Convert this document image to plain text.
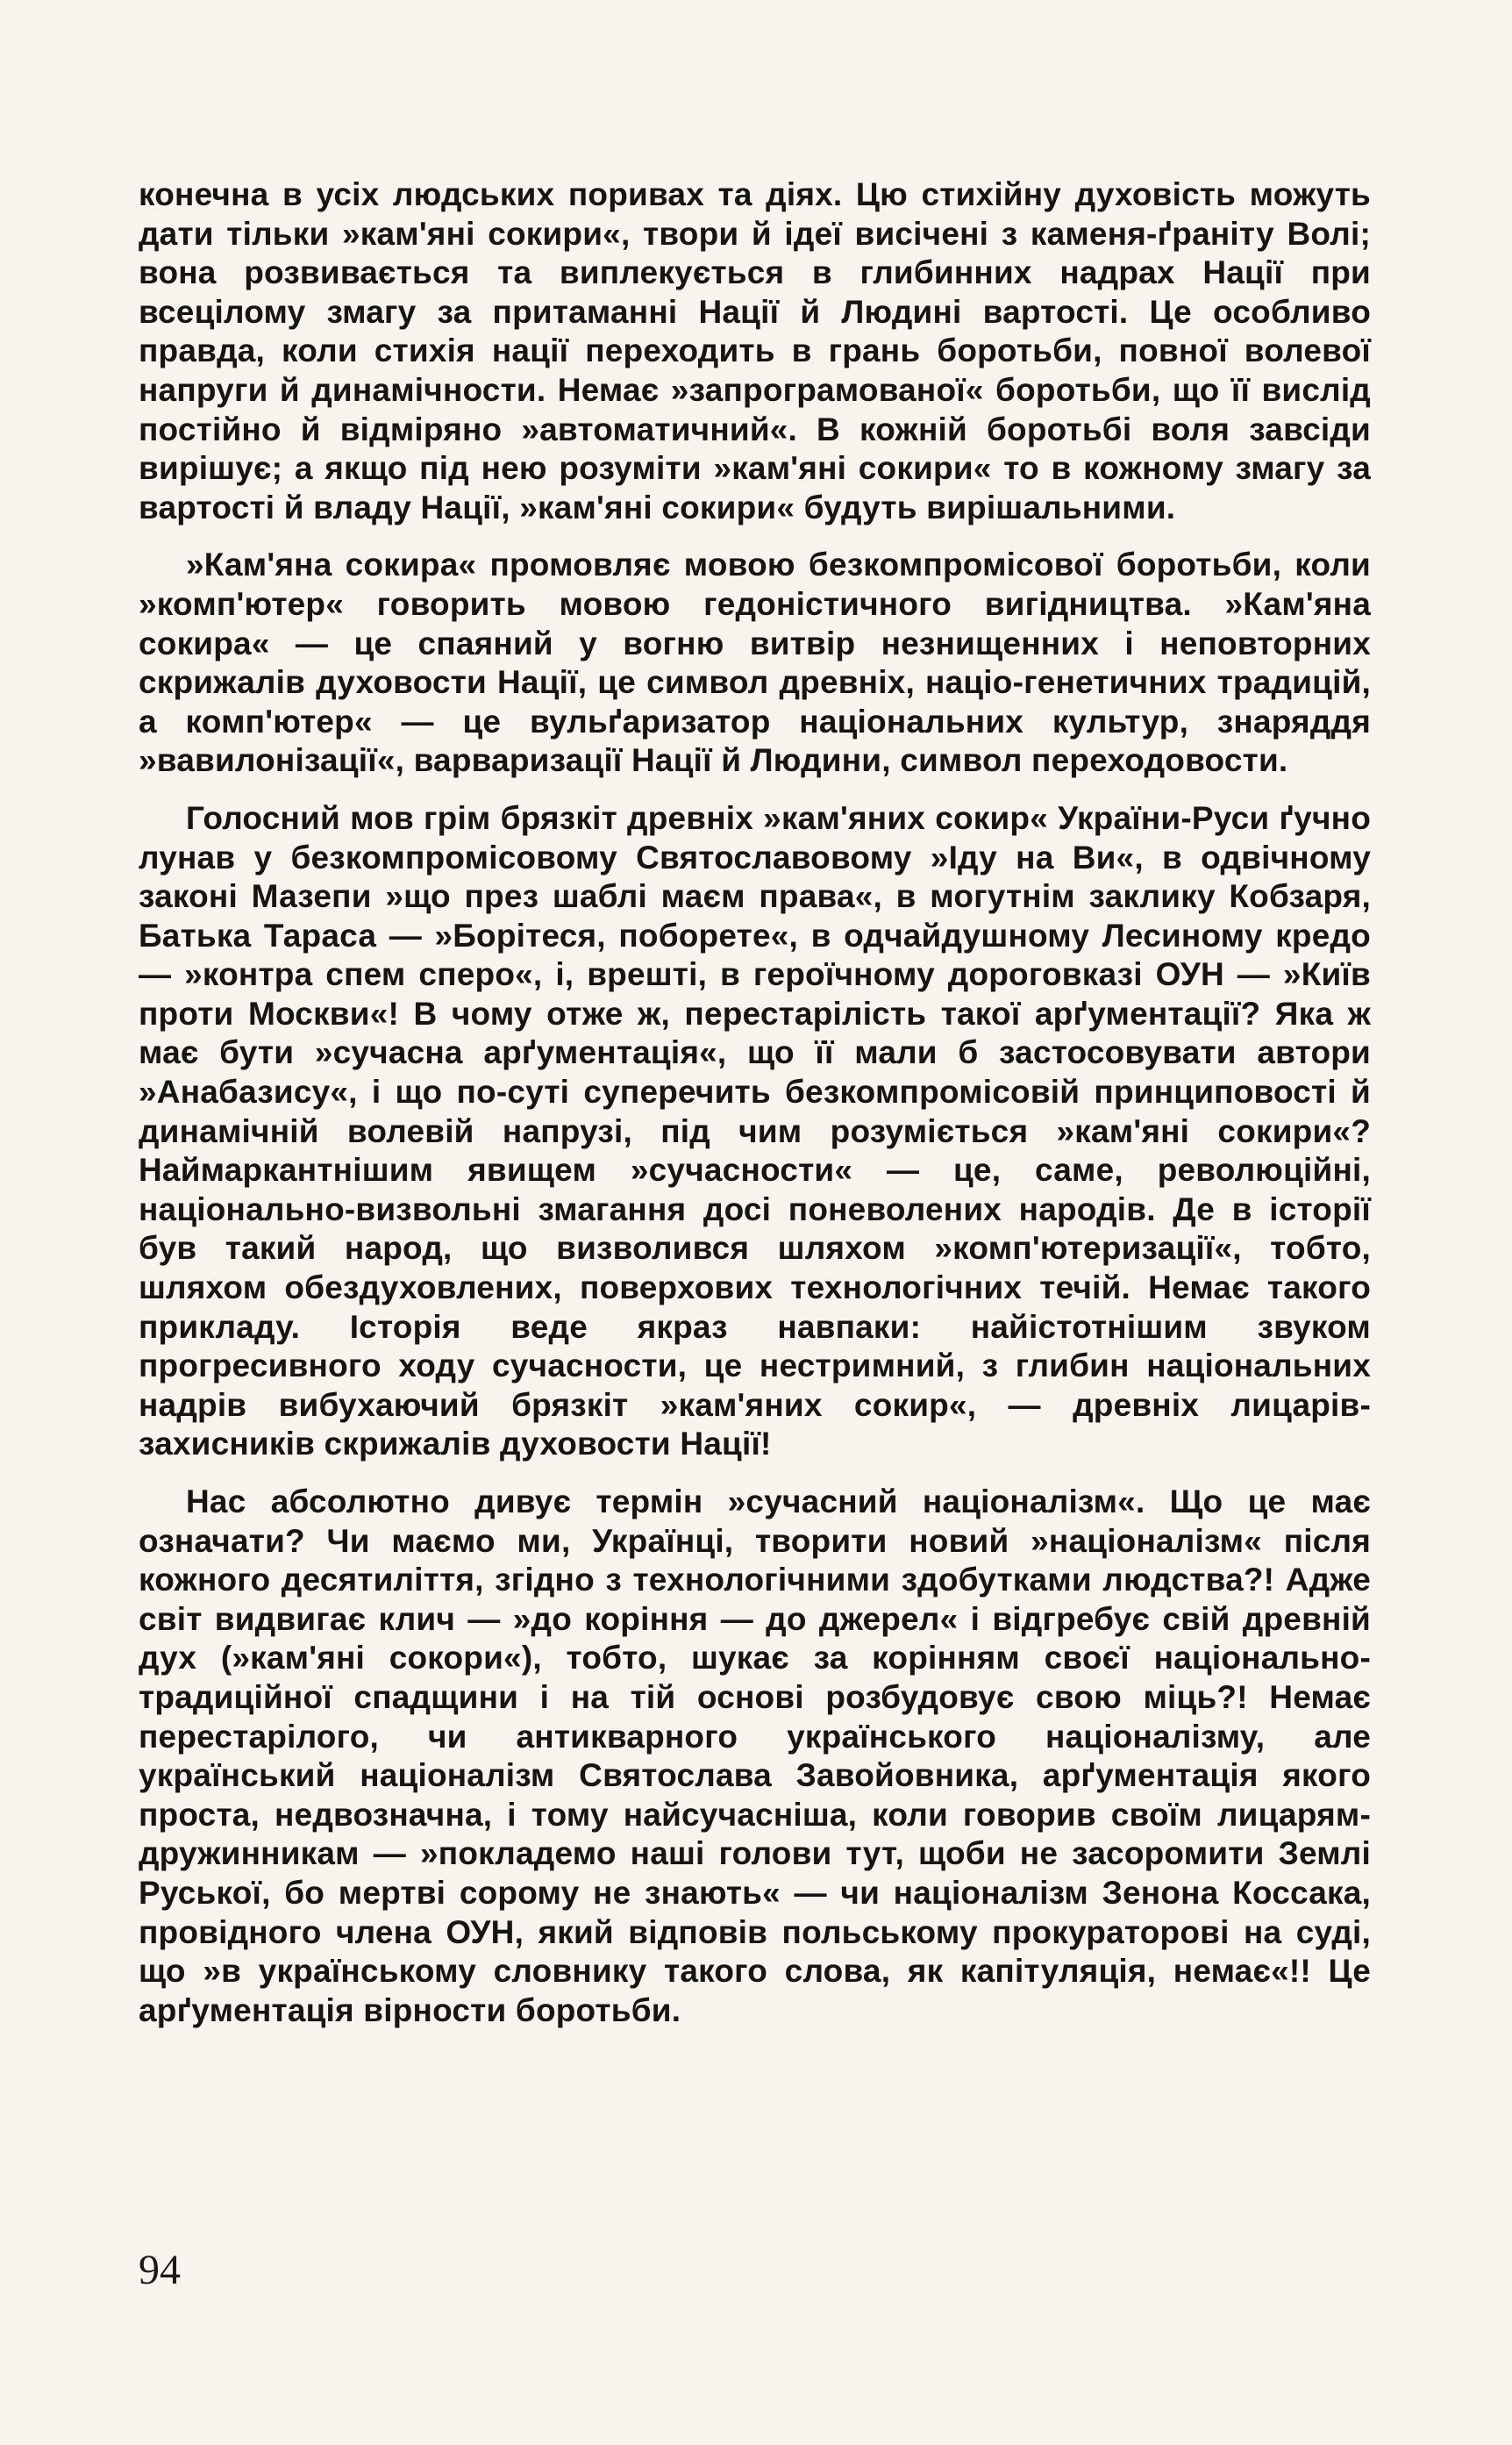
конечна в усіх людських поривах та діях. Цю стихійну духовість можуть дати тільки »кам'яні сокири«, твори й ідеї висічені з каменя-ґраніту Волі; вона розвивається та виплекується в глибинних надрах Нації при всецілому змагу за притаманні Нації й Людині вартості. Це особливо правда, коли стихія нації переходить в грань боротьби, повної волевої напруги й динамічности. Немає »запрограмованої« боротьби, що її вислід постійно й відміряно »автоматичний«. В кожній боротьбі воля завсіди вирішує; а якщо під нею розуміти »кам'яні сокири« то в кожному змагу за вартості й владу Нації, »кам'яні сокири« будуть вирішальними.

»Кам'яна сокира« промовляє мовою безкомпромісової боротьби, коли »комп'ютер« говорить мовою гедоністичного вигідництва. »Кам'яна сокира« — це спаяний у вогню витвір незнищенних і неповторних скрижалів духовости Нації, це символ древніх, націо-генетичних традицій, а комп'ютер« — це вульґаризатор національних культур, знаряддя »вавилонізації«, варваризації Нації й Людини, символ переходовости.

Голосний мов грім брязкіт древніх »кам'яних сокир« України-Руси ґучно лунав у безкомпромісовому Святославовому »Іду на Ви«, в одвічному законі Мазепи »що през шаблі маєм права«, в могутнім заклику Кобзаря, Батька Тараса — »Борітеся, поборете«, в одчайдушному Лесиному кредо — »контра спем сперо«, і, врешті, в героїчному дороговказі ОУН — »Київ проти Москви«! В чому отже ж, перестарілість такої арґументації? Яка ж має бути »сучасна арґументація«, що її мали б застосовувати автори »Анабазису«, і що по-суті суперечить безкомпромісовій принциповості й динамічній волевій напрузі, під чим розуміється »кам'яні сокири«? Наймаркантнішим явищем »сучасности« — це, саме, революційні, національно-визвольні змагання досі поневолених народів. Де в історії був такий народ, що визволився шляхом »комп'ютеризації«, тобто, шляхом обездуховлених, поверхових технологічних течій. Немає такого прикладу. Історія веде якраз навпаки: найістотнішим звуком прогресивного ходу сучасности, це нестримний, з глибин національних надрів вибухаючий брязкіт »кам'яних сокир«, — древніх лицарів-захисників скрижалів духовости Нації!

Нас абсолютно дивує термін »сучасний націоналізм«. Що це має означати? Чи маємо ми, Українці, творити новий »націоналізм« після кожного десятиліття, згідно з технологічними здобутками людства?! Адже світ видвигає клич — »до коріння — до джерел« і відгребує свій древній дух (»кам'яні сокори«), тобто, шукає за корінням своєї національно-традиційної спадщини і на тій основі розбудовує свою міць?! Немає перестарілого, чи антикварного українського націоналізму, але український націоналізм Святослава Завойовника, арґументація якого проста, недвозначна, і тому найсучасніша, коли говорив своїм лицарям-дружинникам — »покладемо наші голови тут, щоби не засоромити Землі Руської, бо мертві сорому не знають« — чи націоналізм Зенона Коссака, провідного члена ОУН, який відповів польському прокураторові на суді, що »в українському словнику такого слова, як капітуляція, немає«!! Це арґументація вірности боротьби.

94
